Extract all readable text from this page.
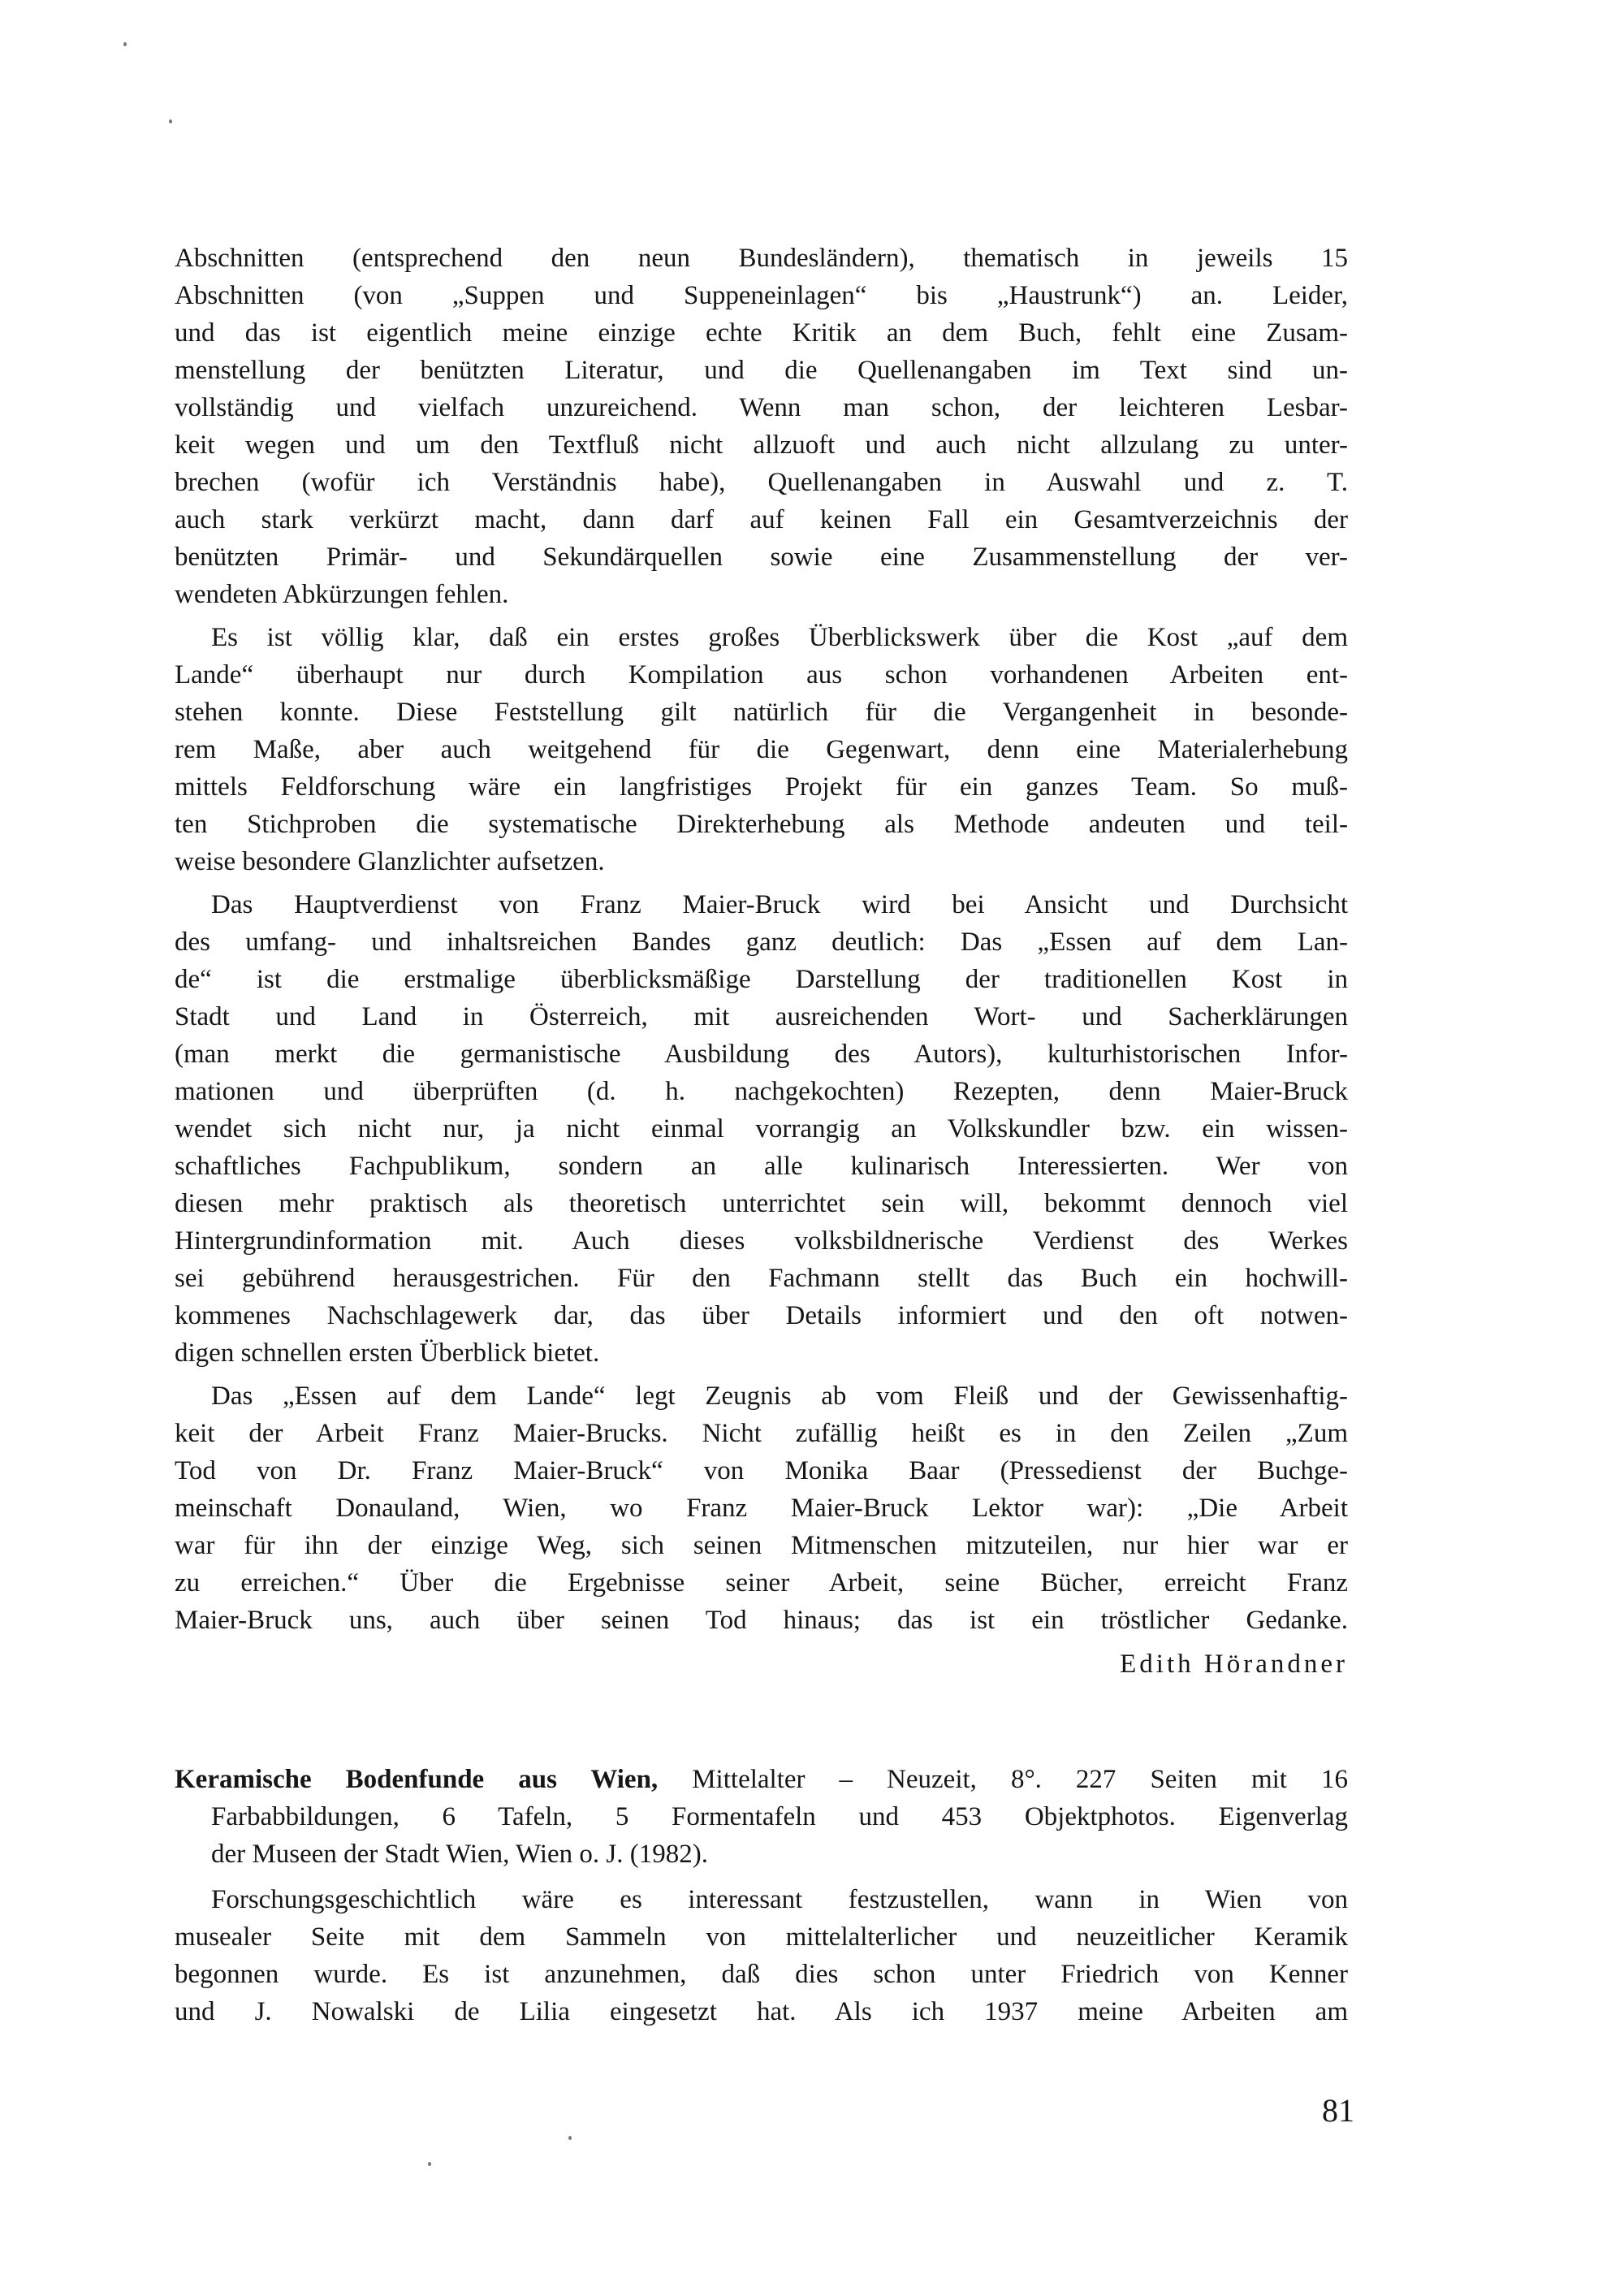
Abschnitten (entsprechend den neun Bundesländern), thematisch in jeweils 15
Abschnitten (von „Suppen und Suppeneinlagen“ bis „Haustrunk“) an. Leider,
und das ist eigentlich meine einzige echte Kritik an dem Buch, fehlt eine Zusam-
menstellung der benützten Literatur, und die Quellenangaben im Text sind un-
vollständig und vielfach unzureichend. Wenn man schon, der leichteren Lesbar-
keit wegen und um den Textfluß nicht allzuoft und auch nicht allzulang zu unter-
brechen (wofür ich Verständnis habe), Quellenangaben in Auswahl und z. T.
auch stark verkürzt macht, dann darf auf keinen Fall ein Gesamtverzeichnis der
benützten Primär- und Sekundärquellen sowie eine Zusammenstellung der ver-
wendeten Abkürzungen fehlen.
Es ist völlig klar, daß ein erstes großes Überblickswerk über die Kost „auf dem
Lande“ überhaupt nur durch Kompilation aus schon vorhandenen Arbeiten ent-
stehen konnte. Diese Feststellung gilt natürlich für die Vergangenheit in besonde-
rem Maße, aber auch weitgehend für die Gegenwart, denn eine Materialerhebung
mittels Feldforschung wäre ein langfristiges Projekt für ein ganzes Team. So muß-
ten Stichproben die systematische Direkterhebung als Methode andeuten und teil-
weise besondere Glanzlichter aufsetzen.
Das Hauptverdienst von Franz Maier-Bruck wird bei Ansicht und Durchsicht
des umfang- und inhaltsreichen Bandes ganz deutlich: Das „Essen auf dem Lan-
de“ ist die erstmalige überblicksmäßige Darstellung der traditionellen Kost in
Stadt und Land in Österreich, mit ausreichenden Wort- und Sacherklärungen
(man merkt die germanistische Ausbildung des Autors), kulturhistorischen Infor-
mationen und überprüften (d. h. nachgekochten) Rezepten, denn Maier-Bruck
wendet sich nicht nur, ja nicht einmal vorrangig an Volkskundler bzw. ein wissen-
schaftliches Fachpublikum, sondern an alle kulinarisch Interessierten. Wer von
diesen mehr praktisch als theoretisch unterrichtet sein will, bekommt dennoch viel
Hintergrundinformation mit. Auch dieses volksbildnerische Verdienst des Werkes
sei gebührend herausgestrichen. Für den Fachmann stellt das Buch ein hochwill-
kommenes Nachschlagewerk dar, das über Details informiert und den oft notwen-
digen schnellen ersten Überblick bietet.
Das „Essen auf dem Lande“ legt Zeugnis ab vom Fleiß und der Gewissenhaftig-
keit der Arbeit Franz Maier-Brucks. Nicht zufällig heißt es in den Zeilen „Zum
Tod von Dr. Franz Maier-Bruck“ von Monika Baar (Pressedienst der Buchge-
meinschaft Donauland, Wien, wo Franz Maier-Bruck Lektor war): „Die Arbeit
war für ihn der einzige Weg, sich seinen Mitmenschen mitzuteilen, nur hier war er
zu erreichen.“ Über die Ergebnisse seiner Arbeit, seine Bücher, erreicht Franz
Maier-Bruck uns, auch über seinen Tod hinaus; das ist ein tröstlicher Gedanke.
Edith Hörandner
Keramische Bodenfunde aus Wien, Mittelalter – Neuzeit, 8°. 227 Seiten mit 16
Farbabbildungen, 6 Tafeln, 5 Formentafeln und 453 Objektphotos. Eigenverlag
der Museen der Stadt Wien, Wien o. J. (1982).
Forschungsgeschichtlich wäre es interessant festzustellen, wann in Wien von
musealer Seite mit dem Sammeln von mittelalterlicher und neuzeitlicher Keramik
begonnen wurde. Es ist anzunehmen, daß dies schon unter Friedrich von Kenner
und J. Nowalski de Lilia eingesetzt hat. Als ich 1937 meine Arbeiten am
81
